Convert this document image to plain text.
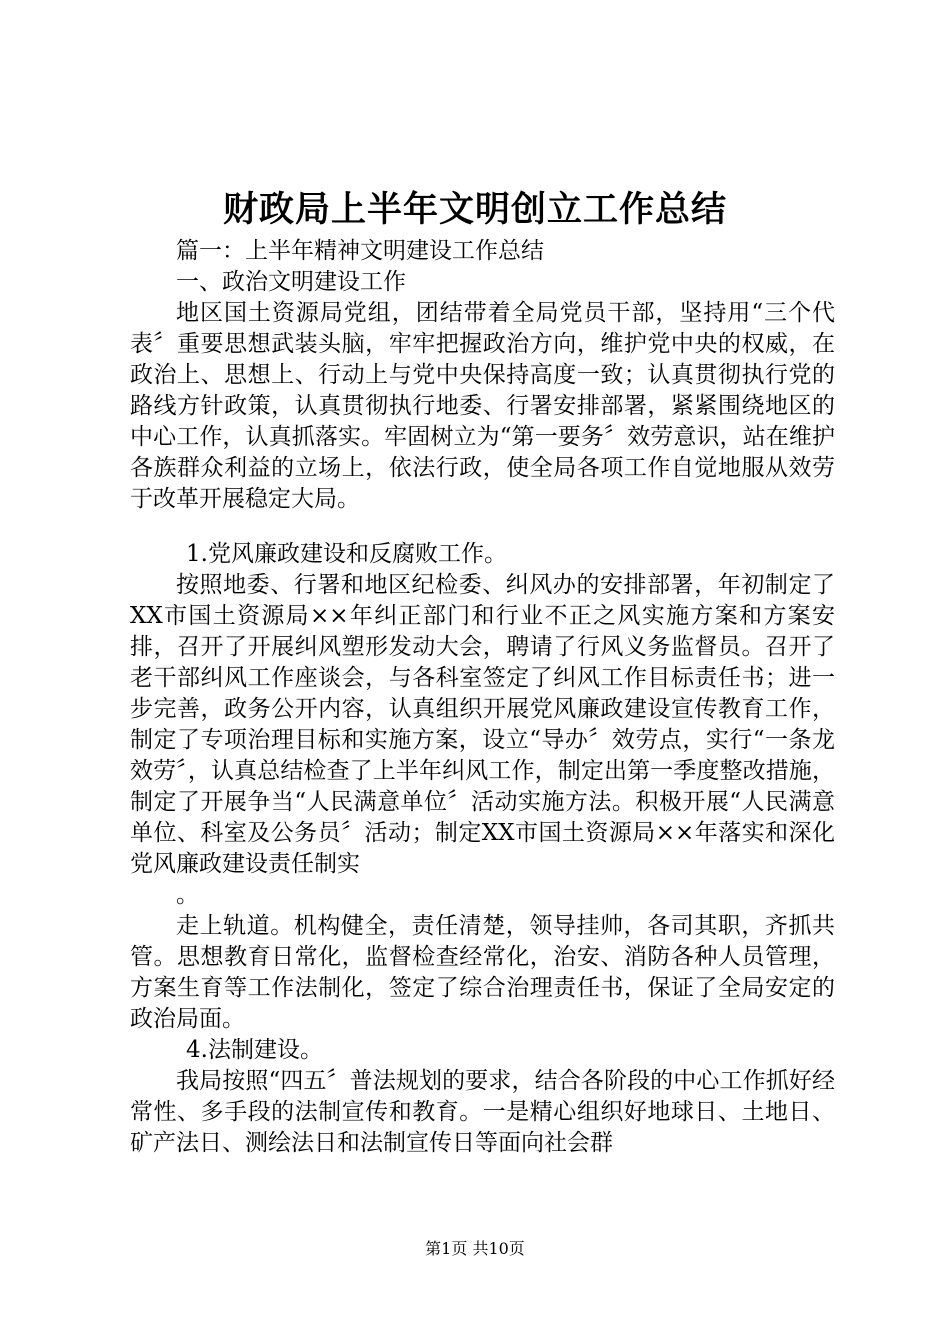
财政局上半年文明创立工作总结

篇一：上半年精神文明建设工作总结

一、政治文明建设工作

地区国土资源局党组，团结带着全局党员干部，坚持用“三个代表〞重要思想武装头脑，牢牢把握政治方向，维护党中央的权威，在政治上、思想上、行动上与党中央保持高度一致；认真贯彻执行党的路线方针政策，认真贯彻执行地委、行署安排部署，紧紧围绕地区的中心工作，认真抓落实。牢固树立为“第一要务〞效劳意识，站在维护各族群众利益的立场上，依法行政，使全局各项工作自觉地服从效劳于改革开展稳定大局。

1.党风廉政建设和反腐败工作。

按照地委、行署和地区纪检委、纠风办的安排部署，年初制定了XX市国土资源局××年纠正部门和行业不正之风实施方案和方案安排，召开了开展纠风塑形发动大会，聘请了行风义务监督员。召开了老干部纠风工作座谈会，与各科室签定了纠风工作目标责任书；进一步完善，政务公开内容，认真组织开展党风廉政建设宣传教育工作，制定了专项治理目标和实施方案，设立“导办〞效劳点，实行“一条龙效劳〞，认真总结检查了上半年纠风工作，制定出第一季度整改措施，制定了开展争当“人民满意单位〞活动实施方法。积极开展“人民满意单位、科室及公务员〞活动；制定XX市国土资源局××年落实和深化党风廉政建设责任制实

。

走上轨道。机构健全，责任清楚，领导挂帅，各司其职，齐抓共管。思想教育日常化，监督检查经常化，治安、消防各种人员管理，方案生育等工作法制化，签定了综合治理责任书，保证了全局安定的政治局面。

4.法制建设。

我局按照“四五〞普法规划的要求，结合各阶段的中心工作抓好经常性、多手段的法制宣传和教育。一是精心组织好地球日、土地日、矿产法日、测绘法日和法制宣传日等面向社会群

第1页 共10页
